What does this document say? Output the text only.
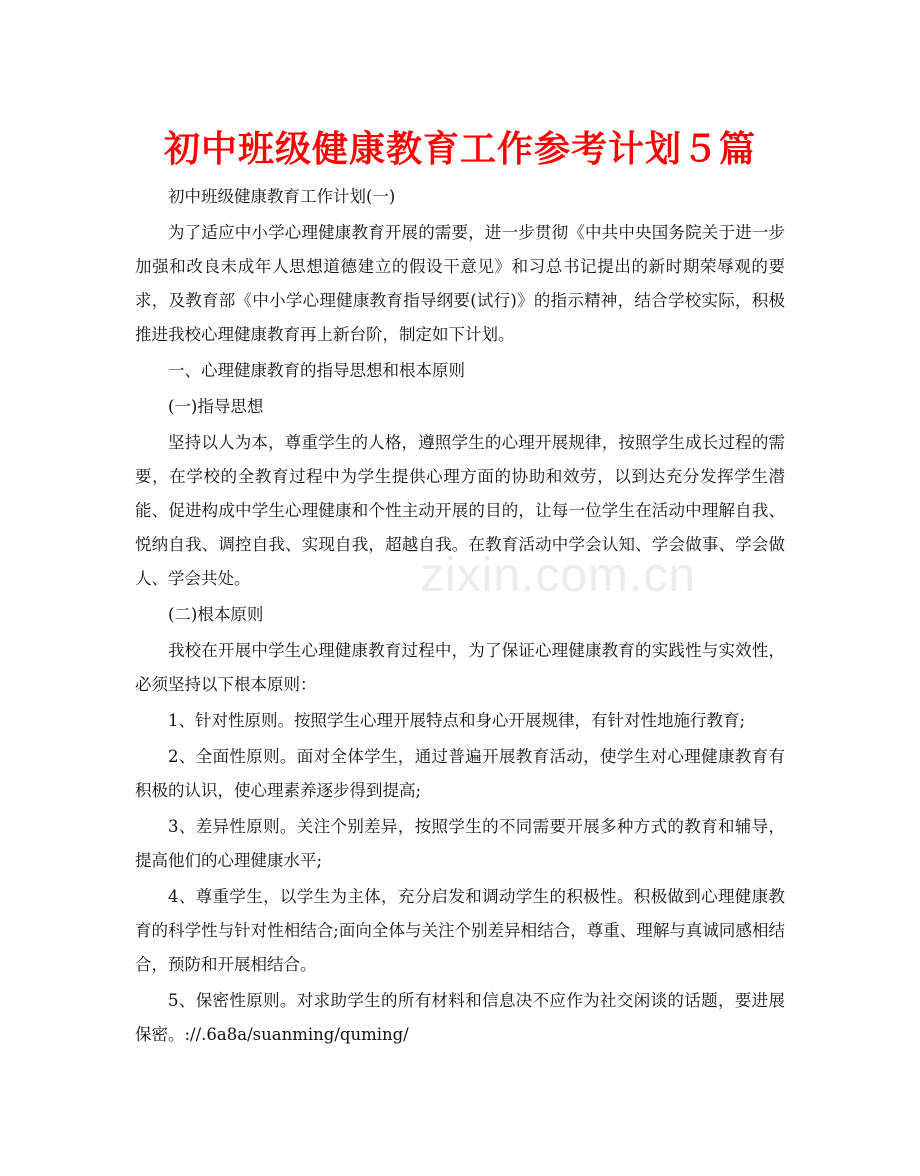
zixin.com.cn
初中班级健康教育工作参考计划５篇

初中班级健康教育工作计划(一)

为了适应中小学心理健康教育开展的需要，进一步贯彻《中共中央国务院关于进一步加强和改良未成年人思想道德建立的假设干意见》和习总书记提出的新时期荣辱观的要求，及教育部《中小学心理健康教育指导纲要(试行)》的指示精神，结合学校实际，积极推进我校心理健康教育再上新台阶，制定如下计划。

一、心理健康教育的指导思想和根本原则

(一)指导思想

坚持以人为本，尊重学生的人格，遵照学生的心理开展规律，按照学生成长过程的需要，在学校的全教育过程中为学生提供心理方面的协助和效劳，以到达充分发挥学生潜能、促进构成中学生心理健康和个性主动开展的目的，让每一位学生在活动中理解自我、悦纳自我、调控自我、实现自我，超越自我。在教育活动中学会认知、学会做事、学会做人、学会共处。

(二)根本原则

我校在开展中学生心理健康教育过程中，为了保证心理健康教育的实践性与实效性，必须坚持以下根本原则：

1、针对性原则。按照学生心理开展特点和身心开展规律，有针对性地施行教育;

2、全面性原则。面对全体学生，通过普遍开展教育活动，使学生对心理健康教育有积极的认识，使心理素养逐步得到提高;

3、差异性原则。关注个别差异，按照学生的不同需要开展多种方式的教育和辅导，提高他们的心理健康水平;

4、尊重学生，以学生为主体，充分启发和调动学生的积极性。积极做到心理健康教育的科学性与针对性相结合;面向全体与关注个别差异相结合，尊重、理解与真诚同感相结合，预防和开展相结合。

5、保密性原则。对求助学生的所有材料和信息决不应作为社交闲谈的话题，要进展保密。://.6a8a/suanming/quming/
